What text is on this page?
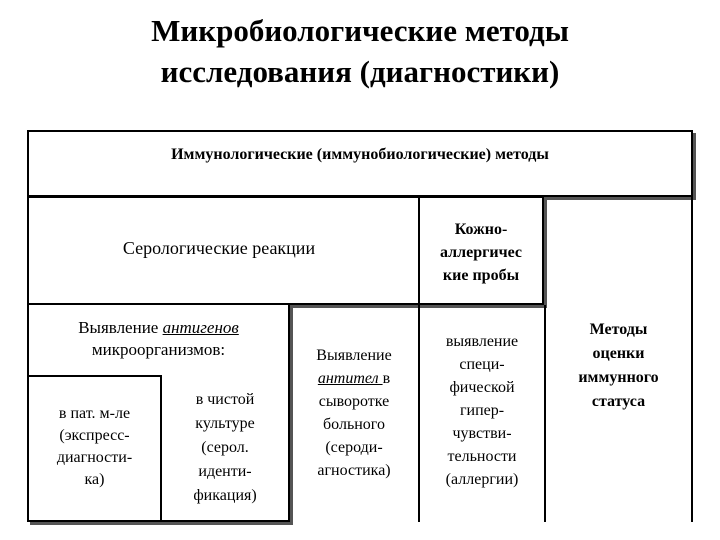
Микробиологические методы
исследования (диагностики)
Иммунологические (иммунобиологические) методы
Серологические реакции
Кожно-
аллергичес
кие пробы
Выявление антигенов
микроорганизмов:
в пат. м-ле
(экспресс-
диагности-
ка)
в чистой
культуре
(серол.
иденти-
фикация)
Выявление
антител в
сыворотке
больного
(сероди-
агностика)
выявление
специ-
фической
гипер-
чувстви-
тельности
(аллергии)
Методы
оценки
иммунного
статуса
